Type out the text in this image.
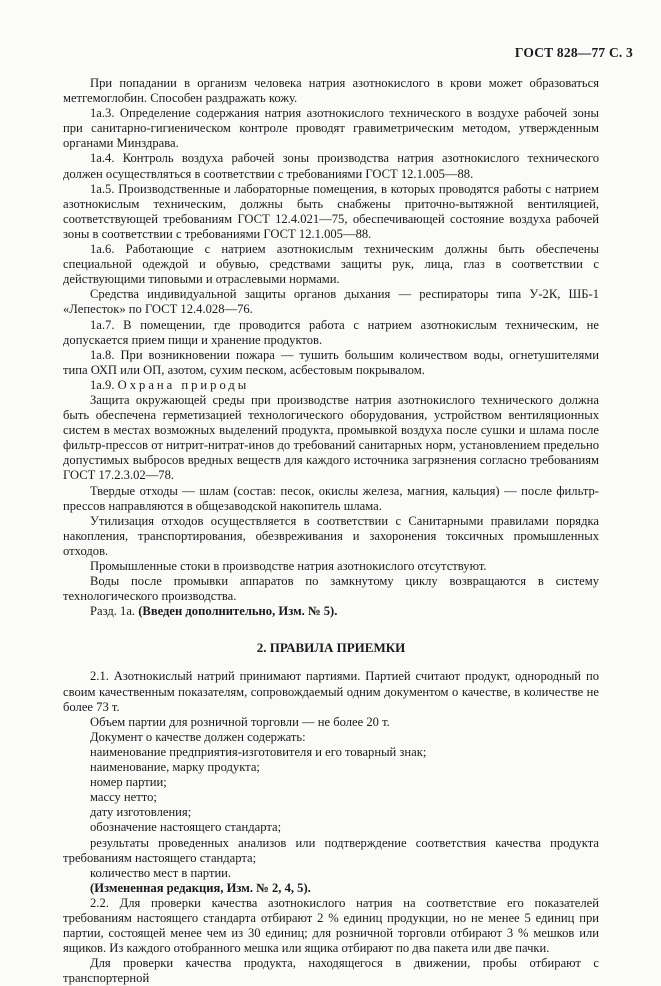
ГОСТ 828—77 С. 3

При попадании в организм человека натрия азотнокислого в крови может образоваться метгемоглобин. Способен раздражать кожу.

1а.3. Определение содержания натрия азотнокислого технического в воздухе рабочей зоны при санитарно-гигиеническом контроле проводят гравиметрическим методом, утвержденным органами Минздрава.

1а.4. Контроль воздуха рабочей зоны производства натрия азотнокислого технического должен осуществляться в соответствии с требованиями ГОСТ 12.1.005—88.

1а.5. Производственные и лабораторные помещения, в которых проводятся работы с натрием азотнокислым техническим, должны быть снабжены приточно-вытяжной вентиляцией, соответствующей требованиям ГОСТ 12.4.021—75, обеспечивающей состояние воздуха рабочей зоны в соответствии с требованиями ГОСТ 12.1.005—88.

1а.6. Работающие с натрием азотнокислым техническим должны быть обеспечены специальной одеждой и обувью, средствами защиты рук, лица, глаз в соответствии с действующими типовыми и отраслевыми нормами.

Средства индивидуальной защиты органов дыхания — респираторы типа У-2К, ШБ-1 «Лепесток» по ГОСТ 12.4.028—76.

1а.7. В помещении, где проводится работа с натрием азотнокислым техническим, не допускается прием пищи и хранение продуктов.

1а.8. При возникновении пожара — тушить большим количеством воды, огнетушителями типа ОХП или ОП, азотом, сухим песком, асбестовым покрывалом.

1а.9. Охрана природы

Защита окружающей среды при производстве натрия азотнокислого технического должна быть обеспечена герметизацией технологического оборудования, устройством вентиляционных систем в местах возможных выделений продукта, промывкой воздуха после сушки и шлама после фильтр-прессов от нитрит-нитрат-инов до требований санитарных норм, установлением предельно допустимых выбросов вредных веществ для каждого источника загрязнения согласно требованиям ГОСТ 17.2.3.02—78.

Твердые отходы — шлам (состав: песок, окислы железа, магния, кальция) — после фильтр-прессов направляются в общезаводской накопитель шлама.

Утилизация отходов осуществляется в соответствии с Санитарными правилами порядка накопления, транспортирования, обезвреживания и захоронения токсичных промышленных отходов.

Промышленные стоки в производстве натрия азотнокислого отсутствуют.

Воды после промывки аппаратов по замкнутому циклу возвращаются в систему технологического производства.

Разд. 1а. (Введен дополнительно, Изм. № 5).

2. ПРАВИЛА ПРИЕМКИ

2.1. Азотнокислый натрий принимают партиями. Партией считают продукт, однородный по своим качественным показателям, сопровождаемый одним документом о качестве, в количестве не более 73 т.

Объем партии для розничной торговли — не более 20 т.

Документ о качестве должен содержать:

наименование предприятия-изготовителя и его товарный знак;

наименование, марку продукта;

номер партии;

массу нетто;

дату изготовления;

обозначение настоящего стандарта;

результаты проведенных анализов или подтверждение соответствия качества продукта требованиям настоящего стандарта;

количество мест в партии.

(Измененная редакция, Изм. № 2, 4, 5).

2.2. Для проверки качества азотнокислого натрия на соответствие его показателей требованиям настоящего стандарта отбирают 2 % единиц продукции, но не менее 5 единиц при партии, состоящей менее чем из 30 единиц; для розничной торговли отбирают 3 % мешков или ящиков. Из каждого отобранного мешка или ящика отбирают по два пакета или две пачки.

Для проверки качества продукта, находящегося в движении, пробы отбирают с транспортерной
